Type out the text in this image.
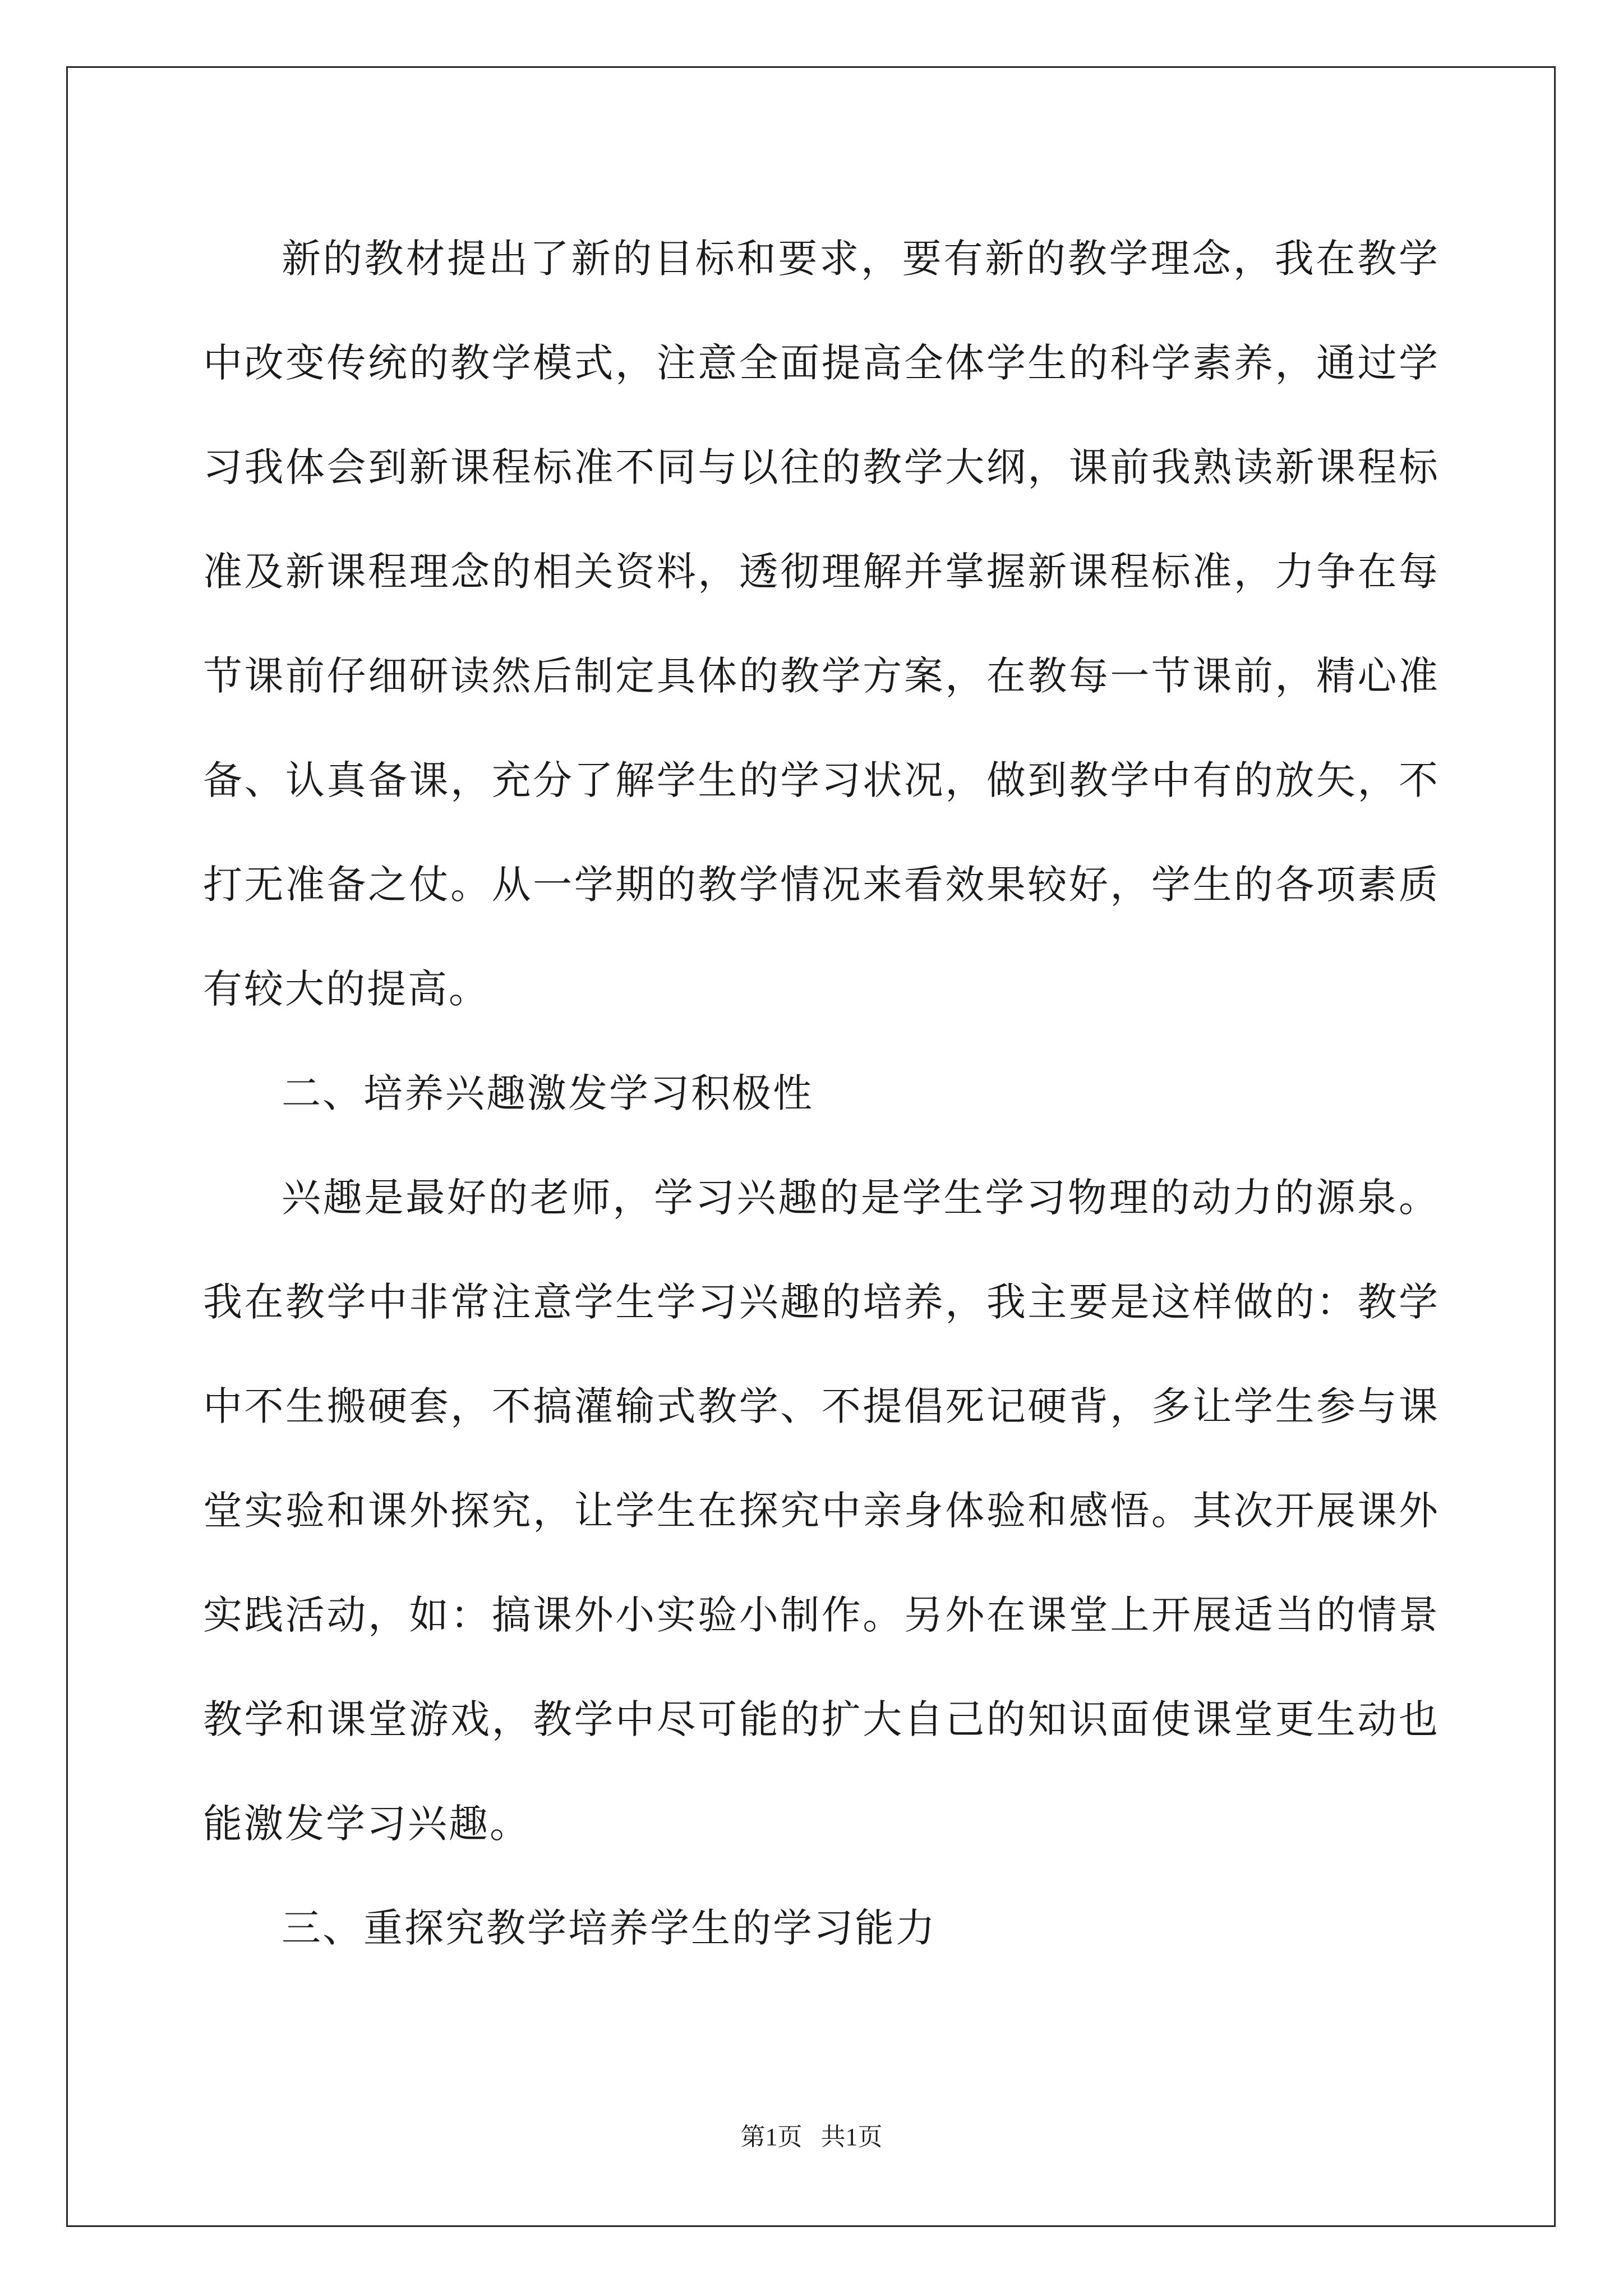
新的教材提出了新的目标和要求，要有新的教学理念，我在教学中改变传统的教学模式，注意全面提高全体学生的科学素养，通过学习我体会到新课程标准不同与以往的教学大纲，课前我熟读新课程标准及新课程理念的相关资料，透彻理解并掌握新课程标准，力争在每节课前仔细研读然后制定具体的教学方案，在教每一节课前，精心准备、认真备课，充分了解学生的学习状况，做到教学中有的放矢，不打无准备之仗。从一学期的教学情况来看效果较好，学生的各项素质有较大的提高。

二、培养兴趣激发学习积极性

兴趣是最好的老师，学习兴趣的是学生学习物理的动力的源泉。我在教学中非常注意学生学习兴趣的培养，我主要是这样做的：教学中不生搬硬套，不搞灌输式教学、不提倡死记硬背，多让学生参与课堂实验和课外探究，让学生在探究中亲身体验和感悟。其次开展课外实践活动，如：搞课外小实验小制作。另外在课堂上开展适当的情景教学和课堂游戏，教学中尽可能的扩大自己的知识面使课堂更生动也能激发学习兴趣。

三、重探究教学培养学生的学习能力

第1页 共1页
